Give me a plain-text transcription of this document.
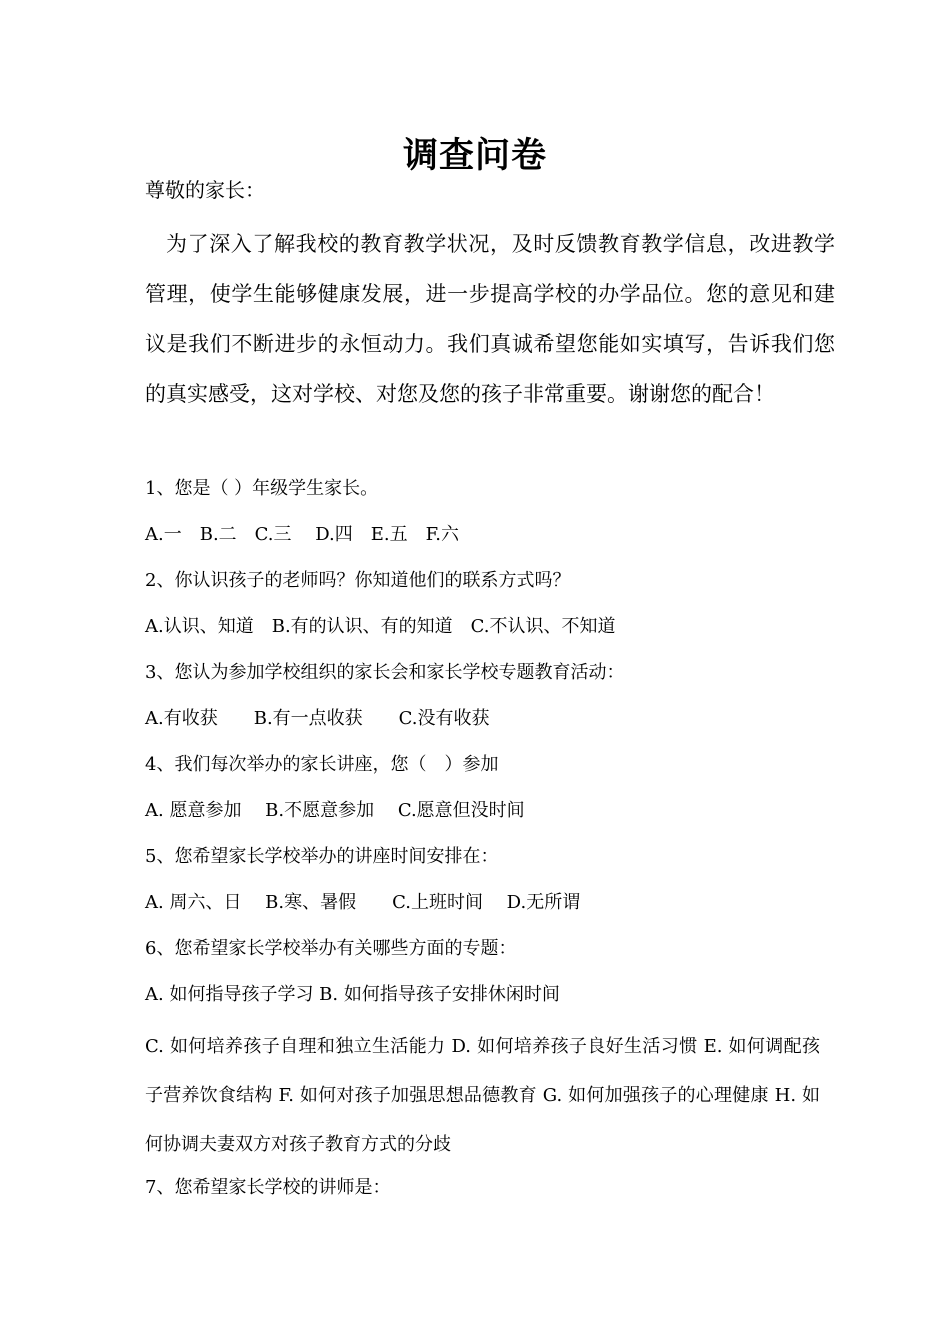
调查问卷
尊敬的家长：
为了深入了解我校的教育教学状况，及时反馈教育教学信息，改进教学管理，使学生能够健康发展，进一步提高学校的办学品位。您的意见和建议是我们不断进步的永恒动力。我们真诚希望您能如实填写，告诉我们您的真实感受，这对学校、对您及您的孩子非常重要。谢谢您的配合！
1、您是（ ）年级学生家长。
A.一　B.二　C.三　 D.四　E.五　F.六
2、你认识孩子的老师吗？你知道他们的联系方式吗？
A.认识、知道　B.有的认识、有的知道　C.不认识、不知道
3、您认为参加学校组织的家长会和家长学校专题教育活动：
A.有收获　　B.有一点收获　　C.没有收获
4、我们每次举办的家长讲座，您（　）参加
A. 愿意参加　 B.不愿意参加　 C.愿意但没时间
5、您希望家长学校举办的讲座时间安排在：
A. 周六、日　 B.寒、暑假　　C.上班时间　 D.无所谓
6、您希望家长学校举办有关哪些方面的专题：
A. 如何指导孩子学习 B. 如何指导孩子安排休闲时间
C. 如何培养孩子自理和独立生活能力 D. 如何培养孩子良好生活习惯 E. 如何调配孩子营养饮食结构 F. 如何对孩子加强思想品德教育 G. 如何加强孩子的心理健康 H. 如何协调夫妻双方对孩子教育方式的分歧
7、您希望家长学校的讲师是：
